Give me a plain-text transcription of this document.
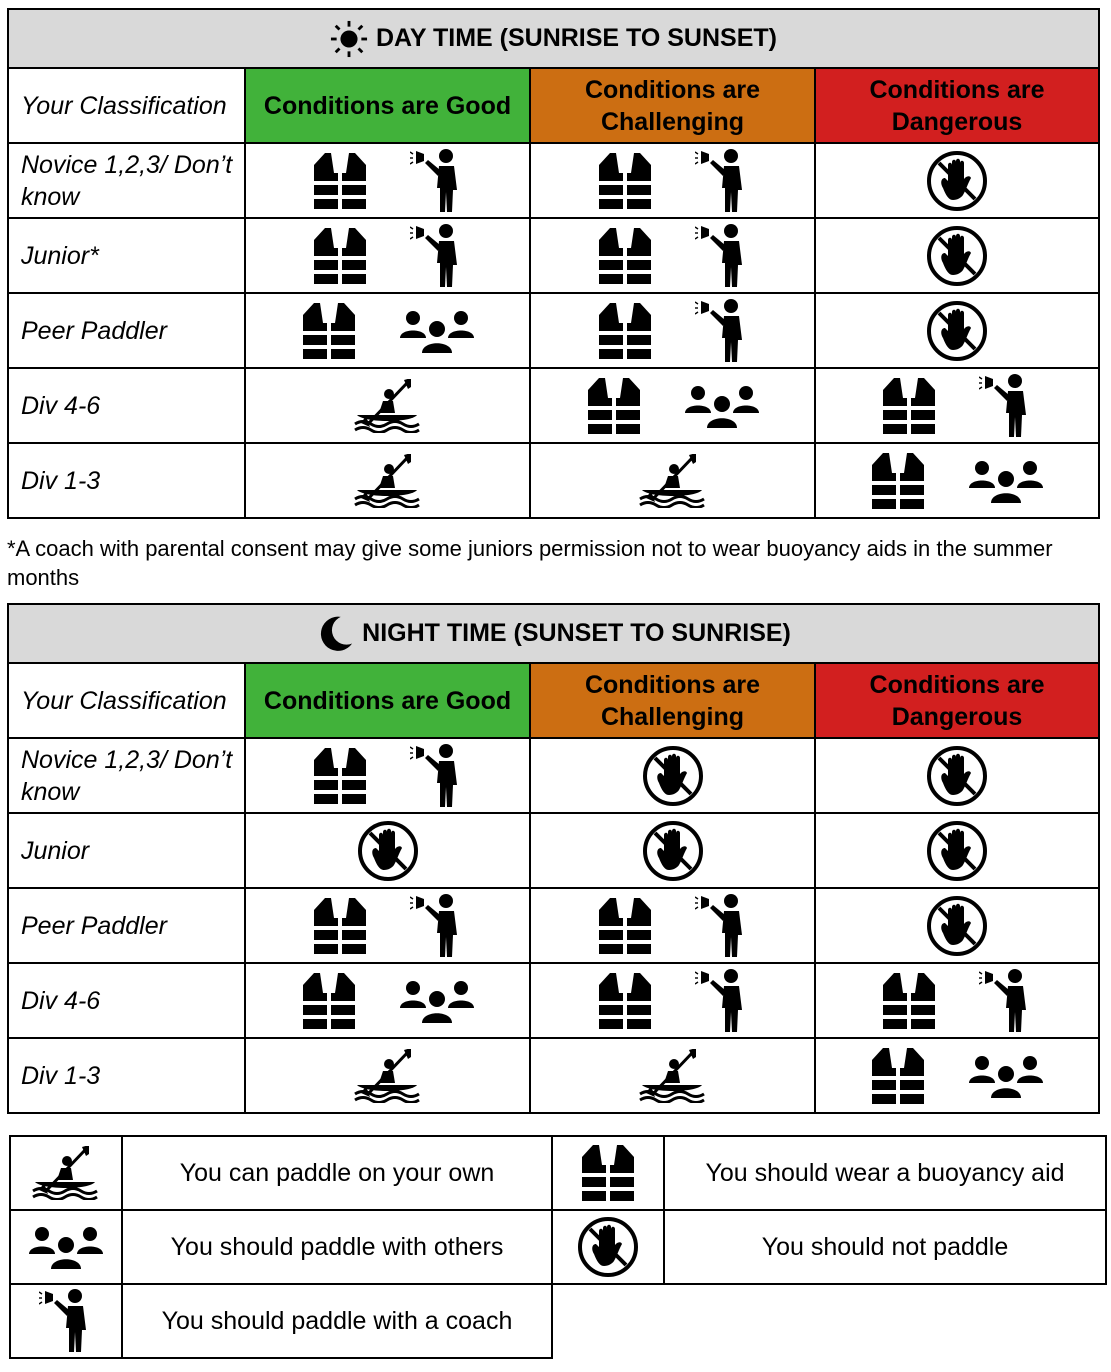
DAY TIME (SUNRISE TO SUNSET)			

Your Classification	Conditions are Good	Conditions are Challenging	Conditions are Dangerous
Novice 1,2,3/ Don’t know	

Junior*	

Peer Paddler	

Div 4-6	

Div 1-3	

*A coach with parental consent may give some juniors permission not to wear buoyancy aids in the summer months

NIGHT TIME (SUNSET TO SUNRISE)			

Your Classification	Conditions are Good	Conditions are Challenging	Conditions are Dangerous
Novice 1,2,3/ Don’t know	

Junior	

Peer Paddler	

Div 4-6	

Div 1-3	

	You can paddle on your own		You should wear a buoyancy aid

	You should paddle with others		You should not paddle

	You should paddle with a coach		
